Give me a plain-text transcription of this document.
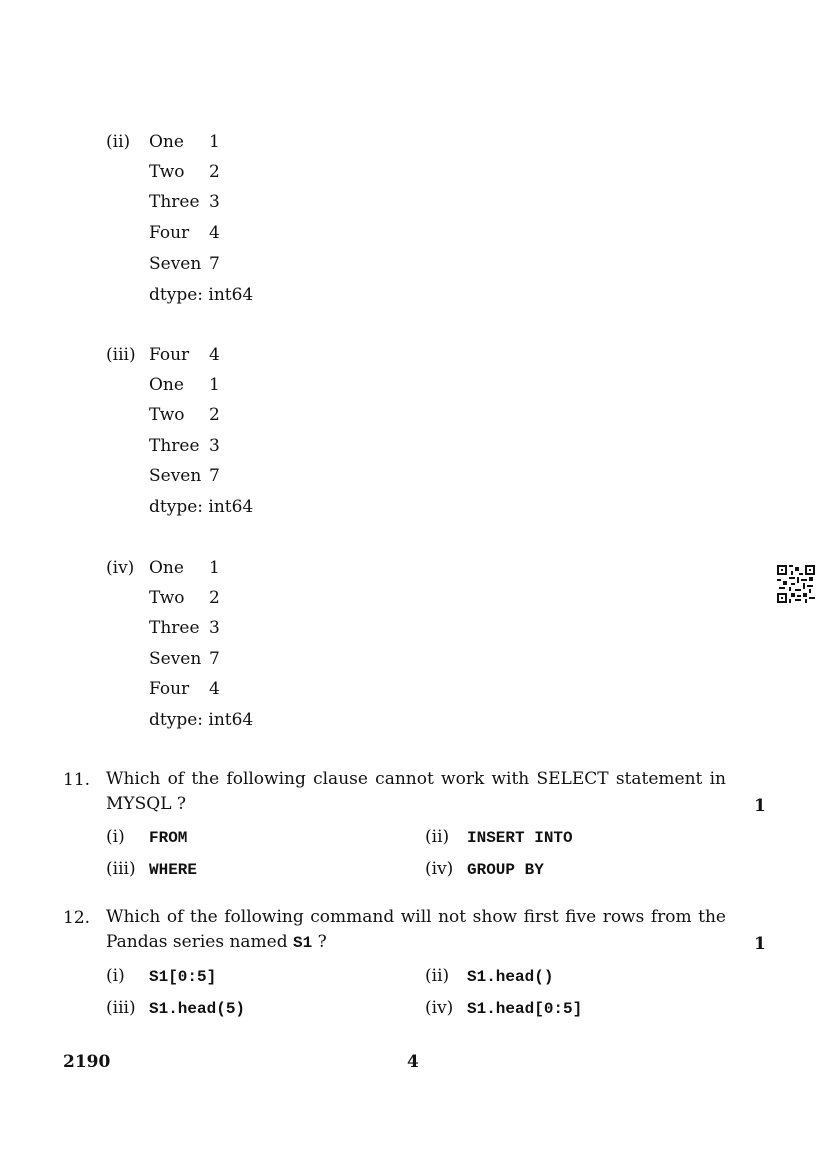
(ii) One 1
Two 2
Three 3
Four 4
Seven 7
dtype: int64
(iii) Four 4
One 1
Two 2
Three 3
Seven 7
dtype: int64
(iv) One 1
Two 2
Three 3
Seven 7
Four 4
dtype: int64
11. Which of the following clause cannot work with SELECT statement in
MYSQL ?	1
(i) FROM	(ii) INSERT INTO
(iii) WHERE	(iv) GROUP BY
12. Which of the following command will not show first five rows from the
Pandas series named S1 ?	1
(i) S1[0:5]	(ii) S1.head()
(iii) S1.head(5)	(iv) S1.head[0:5]
2190	4
